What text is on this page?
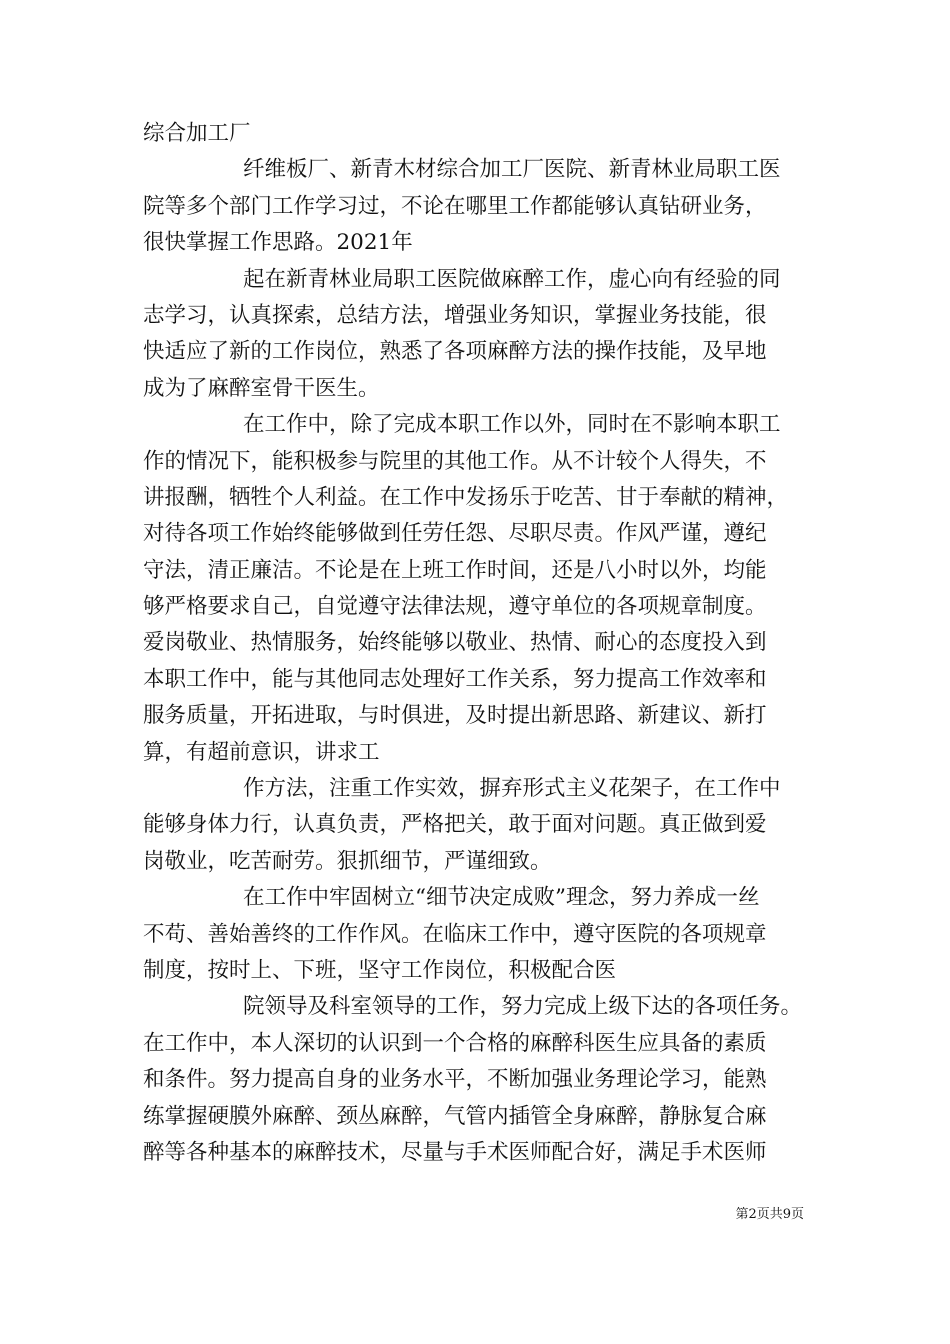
综合加工厂
纤维板厂、新青木材综合加工厂医院、新青林业局职工医
院等多个部门工作学习过，不论在哪里工作都能够认真钻研业务，
很快掌握工作思路。2021年
起在新青林业局职工医院做麻醉工作，虚心向有经验的同
志学习，认真探索，总结方法，增强业务知识，掌握业务技能，很
快适应了新的工作岗位，熟悉了各项麻醉方法的操作技能，及早地
成为了麻醉室骨干医生。
在工作中，除了完成本职工作以外，同时在不影响本职工
作的情况下，能积极参与院里的其他工作。从不计较个人得失，不
讲报酬，牺牲个人利益。在工作中发扬乐于吃苦、甘于奉献的精神，
对待各项工作始终能够做到任劳任怨、尽职尽责。作风严谨，遵纪
守法，清正廉洁。不论是在上班工作时间，还是八小时以外，均能
够严格要求自己，自觉遵守法律法规，遵守单位的各项规章制度。
爱岗敬业、热情服务，始终能够以敬业、热情、耐心的态度投入到
本职工作中，能与其他同志处理好工作关系，努力提高工作效率和
服务质量，开拓进取，与时俱进，及时提出新思路、新建议、新打
算，有超前意识，讲求工
作方法，注重工作实效，摒弃形式主义花架子，在工作中
能够身体力行，认真负责，严格把关，敢于面对问题。真正做到爱
岗敬业，吃苦耐劳。狠抓细节，严谨细致。
在工作中牢固树立“细节决定成败”理念，努力养成一丝
不苟、善始善终的工作作风。在临床工作中，遵守医院的各项规章
制度，按时上、下班，坚守工作岗位，积极配合医
院领导及科室领导的工作，努力完成上级下达的各项任务。
在工作中，本人深切的认识到一个合格的麻醉科医生应具备的素质
和条件。努力提高自身的业务水平，不断加强业务理论学习，能熟
练掌握硬膜外麻醉、颈丛麻醉，气管内插管全身麻醉，静脉复合麻
醉等各种基本的麻醉技术，尽量与手术医师配合好，满足手术医师
第2页共9页
